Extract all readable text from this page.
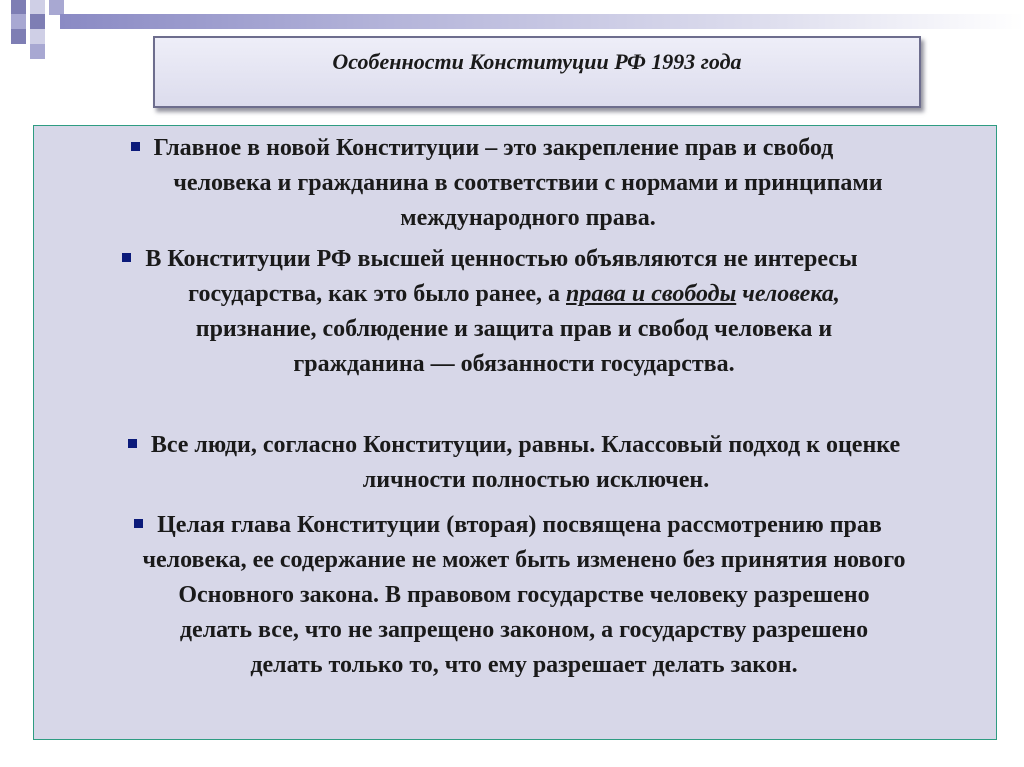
Особенности Конституции РФ 1993 года
Главное в новой Конституции – это закрепление прав и свобод
человека и гражданина в соответствии с нормами и принципами
международного права.
В Конституции РФ высшей ценностью объявляются не интересы
государства, как это было ранее, а права и свободы человека,
признание, соблюдение и защита прав и свобод человека и
гражданина — обязанности государства.
Все люди, согласно Конституции, равны. Классовый подход к оценке
личности полностью исключен.
Целая глава Конституции (вторая) посвящена рассмотрению прав
человека, ее содержание не может быть изменено без принятия нового
Основного закона. В правовом государстве человеку разрешено
делать все, что не запрещено законом, а государству разрешено
делать только то, что ему разрешает делать закон.
